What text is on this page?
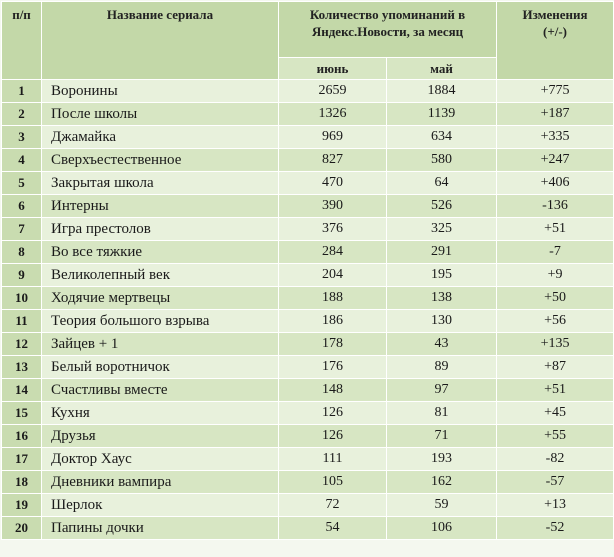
п/п	Название сериала	Количество упоминаний в Яндекс.Новости, за месяц		Изменения (+/-)
		июнь	май	
1	Воронины	2659	1884	+775
2	После школы	1326	1139	+187
3	Джамайка	969	634	+335
4	Сверхъестественное	827	580	+247
5	Закрытая школа	470	64	+406
6	Интерны	390	526	-136
7	Игра престолов	376	325	+51
8	Во все тяжкие	284	291	-7
9	Великолепный век	204	195	+9
10	Ходячие мертвецы	188	138	+50
11	Теория большого взрыва	186	130	+56
12	Зайцев + 1	178	43	+135
13	Белый воротничок	176	89	+87
14	Счастливы вместе	148	97	+51
15	Кухня	126	81	+45
16	Друзья	126	71	+55
17	Доктор Хаус	111	193	-82
18	Дневники вампира	105	162	-57
19	Шерлок	72	59	+13
20	Папины дочки	54	106	-52
